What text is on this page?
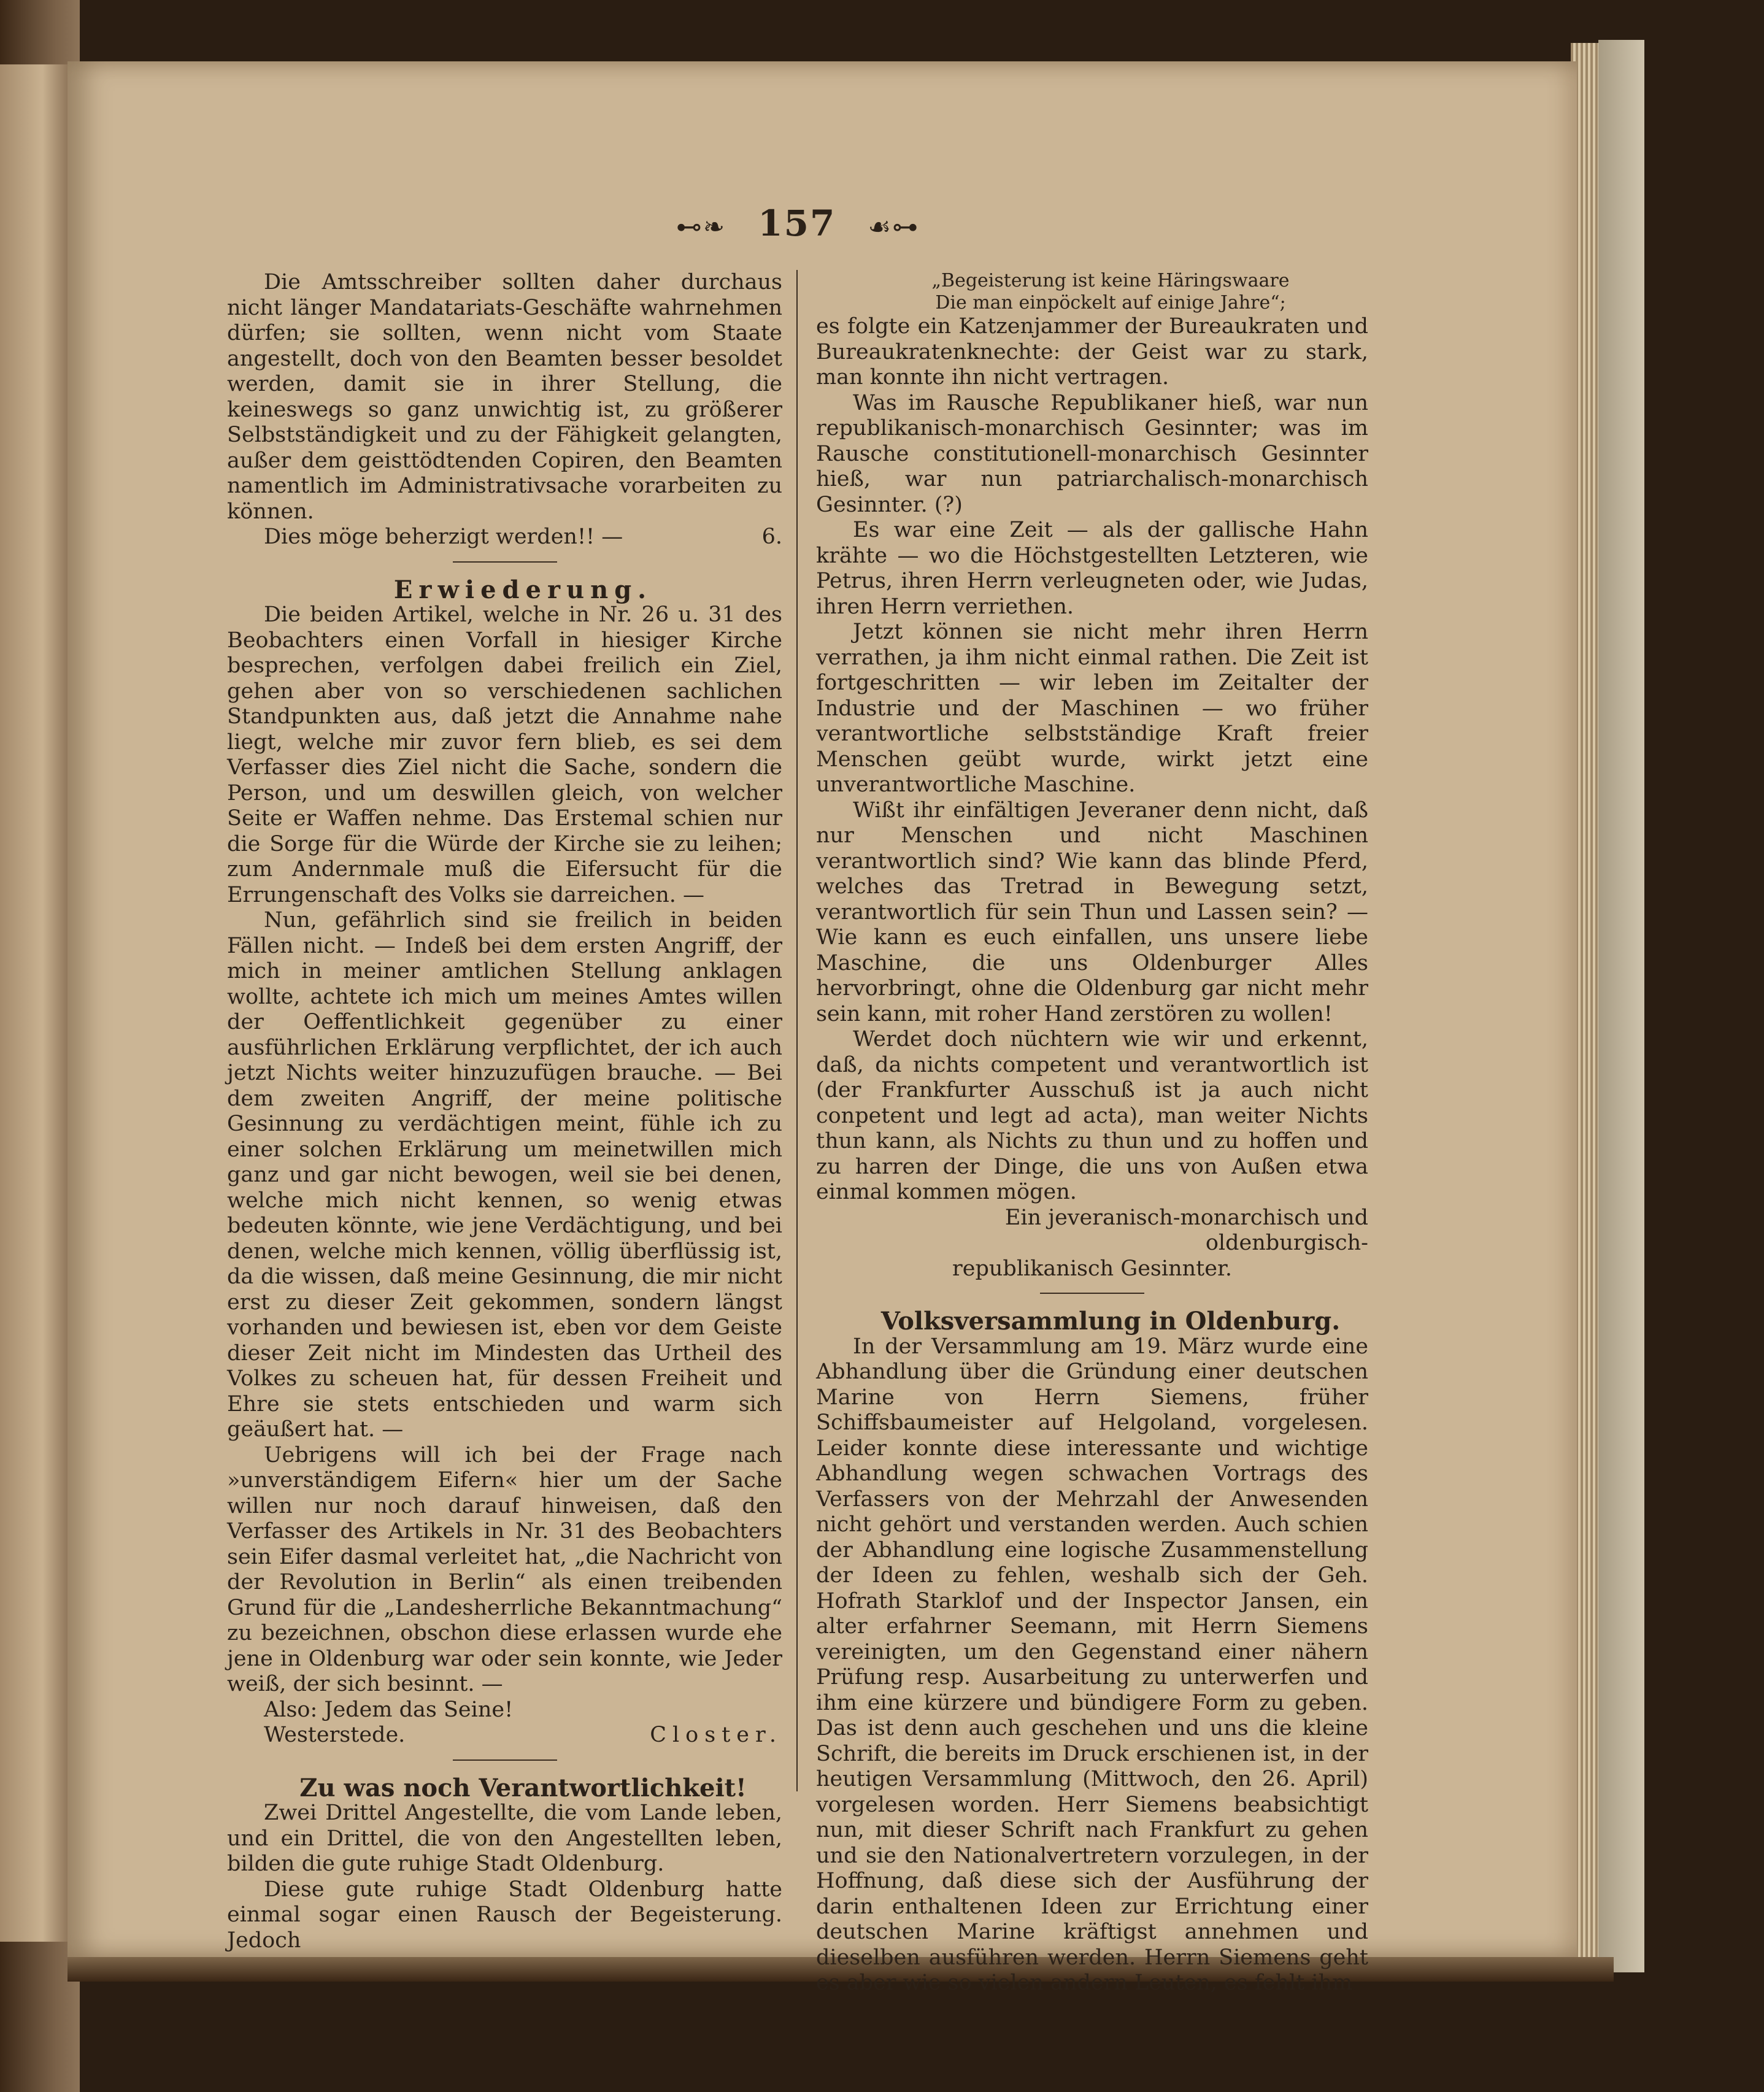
⊷❧ 157 ☙⊶

Die Amtsschreiber sollten daher durchaus nicht länger Mandatariats-Geschäfte wahrnehmen dürfen; sie sollten, wenn nicht vom Staate angestellt, doch von den Beamten besser besoldet werden, damit sie in ihrer Stellung, die keineswegs so ganz unwichtig ist, zu größerer Selbstständigkeit und zu der Fähigkeit gelangten, außer dem geisttödtenden Copiren, den Beamten namentlich im Administrativsache vorarbeiten zu können.

Dies möge beherzigt werden!! —	6.

Erwiederung.

Die beiden Artikel, welche in Nr. 26 u. 31 des Beobachters einen Vorfall in hiesiger Kirche besprechen, verfolgen dabei freilich ein Ziel, gehen aber von so verschiedenen sachlichen Standpunkten aus, daß jetzt die Annahme nahe liegt, welche mir zuvor fern blieb, es sei dem Verfasser dies Ziel nicht die Sache, sondern die Person, und um deswillen gleich, von welcher Seite er Waffen nehme. Das Erstemal schien nur die Sorge für die Würde der Kirche sie zu leihen; zum Andernmale muß die Eifersucht für die Errungenschaft des Volks sie darreichen. —

Nun, gefährlich sind sie freilich in beiden Fällen nicht. — Indeß bei dem ersten Angriff, der mich in meiner amtlichen Stellung anklagen wollte, achtete ich mich um meines Amtes willen der Oeffentlichkeit gegenüber zu einer ausführlichen Erklärung verpflichtet, der ich auch jetzt Nichts weiter hinzuzufügen brauche. — Bei dem zweiten Angriff, der meine politische Gesinnung zu verdächtigen meint, fühle ich zu einer solchen Erklärung um meinetwillen mich ganz und gar nicht bewogen, weil sie bei denen, welche mich nicht kennen, so wenig etwas bedeuten könnte, wie jene Verdächtigung, und bei denen, welche mich kennen, völlig überflüssig ist, da die wissen, daß meine Gesinnung, die mir nicht erst zu dieser Zeit gekommen, sondern längst vorhanden und bewiesen ist, eben vor dem Geiste dieser Zeit nicht im Mindesten das Urtheil des Volkes zu scheuen hat, für dessen Freiheit und Ehre sie stets entschieden und warm sich geäußert hat. —

Uebrigens will ich bei der Frage nach »unverständigem Eifern« hier um der Sache willen nur noch darauf hinweisen, daß den Verfasser des Artikels in Nr. 31 des Beobachters sein Eifer dasmal verleitet hat, „die Nachricht von der Revolution in Berlin“ als einen treibenden Grund für die „Landesherrliche Bekanntmachung“ zu bezeichnen, obschon diese erlassen wurde ehe jene in Oldenburg war oder sein konnte, wie Jeder weiß, der sich besinnt. —

Also: Jedem das Seine!

Westerstede.	Closter.

Zu was noch Verantwortlichkeit!

Zwei Drittel Angestellte, die vom Lande leben, und ein Drittel, die von den Angestellten leben, bilden die gute ruhige Stadt Oldenburg.

Diese gute ruhige Stadt Oldenburg hatte einmal sogar einen Rausch der Begeisterung. Jedoch

„Begeisterung ist keine Häringswaare

Die man einpöckelt auf einige Jahre“;

es folgte ein Katzenjammer der Bureaukraten und Bureaukratenknechte: der Geist war zu stark, man konnte ihn nicht vertragen.

Was im Rausche Republikaner hieß, war nun republikanisch-monarchisch Gesinnter; was im Rausche constitutionell-monarchisch Gesinnter hieß, war nun patriarchalisch-monarchisch Gesinnter. (?)

Es war eine Zeit — als der gallische Hahn krähte — wo die Höchstgestellten Letzteren, wie Petrus, ihren Herrn verleugneten oder, wie Judas, ihren Herrn verriethen.

Jetzt können sie nicht mehr ihren Herrn verrathen, ja ihm nicht einmal rathen. Die Zeit ist fortgeschritten — wir leben im Zeitalter der Industrie und der Maschinen — wo früher verantwortliche selbstständige Kraft freier Menschen geübt wurde, wirkt jetzt eine unverantwortliche Maschine.

Wißt ihr einfältigen Jeveraner denn nicht, daß nur Menschen und nicht Maschinen verantwortlich sind? Wie kann das blinde Pferd, welches das Tretrad in Bewegung setzt, verantwortlich für sein Thun und Lassen sein? — Wie kann es euch einfallen, uns unsere liebe Maschine, die uns Oldenburger Alles hervorbringt, ohne die Oldenburg gar nicht mehr sein kann, mit roher Hand zerstören zu wollen!

Werdet doch nüchtern wie wir und erkennt, daß, da nichts competent und verantwortlich ist (der Frankfurter Ausschuß ist ja auch nicht conpetent und legt ad acta), man weiter Nichts thun kann, als Nichts zu thun und zu hoffen und zu harren der Dinge, die uns von Außen etwa einmal kommen mögen.

Ein jeveranisch-monarchisch und oldenburgisch-

republikanisch Gesinnter.

Volksversammlung in Oldenburg.

In der Versammlung am 19. März wurde eine Abhandlung über die Gründung einer deutschen Marine von Herrn Siemens, früher Schiffsbaumeister auf Helgoland, vorgelesen. Leider konnte diese interessante und wichtige Abhandlung wegen schwachen Vortrags des Verfassers von der Mehrzahl der Anwesenden nicht gehört und verstanden werden. Auch schien der Abhandlung eine logische Zusammenstellung der Ideen zu fehlen, weshalb sich der Geh. Hofrath Starklof und der Inspector Jansen, ein alter erfahrner Seemann, mit Herrn Siemens vereinigten, um den Gegenstand einer nähern Prüfung resp. Ausarbeitung zu unterwerfen und ihm eine kürzere und bündigere Form zu geben. Das ist denn auch geschehen und uns die kleine Schrift, die bereits im Druck erschienen ist, in der heutigen Versammlung (Mittwoch, den 26. April) vorgelesen worden. Herr Siemens beabsichtigt nun, mit dieser Schrift nach Frankfurt zu gehen und sie den Nationalvertretern vorzulegen, in der Hoffnung, daß diese sich der Ausführung der darin enthaltenen Ideen zur Errichtung einer deutschen Marine kräftigst annehmen und dieselben ausführen werden. Herrn Siemens geht es aber wie so vielen andern Leuten, es fehlt ihm
